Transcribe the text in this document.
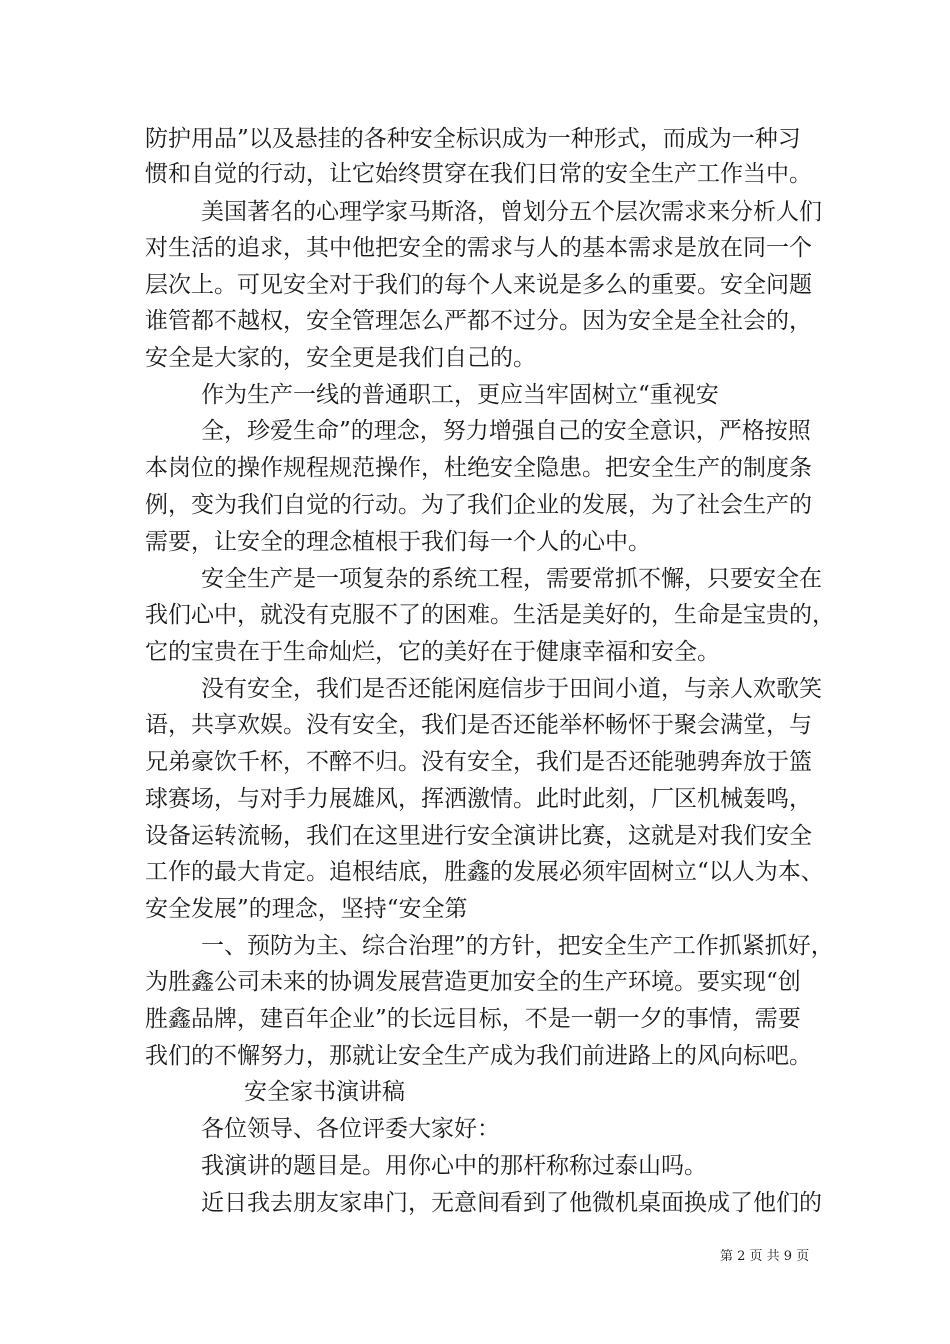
防护用品”以及悬挂的各种安全标识成为一种形式，而成为一种习
惯和自觉的行动，让它始终贯穿在我们日常的安全生产工作当中。
美国著名的心理学家马斯洛，曾划分五个层次需求来分析人们
对生活的追求，其中他把安全的需求与人的基本需求是放在同一个
层次上。可见安全对于我们的每个人来说是多么的重要。安全问题
谁管都不越权，安全管理怎么严都不过分。因为安全是全社会的，
安全是大家的，安全更是我们自己的。
作为生产一线的普通职工，更应当牢固树立“重视安
全，珍爱生命”的理念，努力增强自己的安全意识，严格按照
本岗位的操作规程规范操作，杜绝安全隐患。把安全生产的制度条
例，变为我们自觉的行动。为了我们企业的发展，为了社会生产的
需要，让安全的理念植根于我们每一个人的心中。
安全生产是一项复杂的系统工程，需要常抓不懈，只要安全在
我们心中，就没有克服不了的困难。生活是美好的，生命是宝贵的，
它的宝贵在于生命灿烂，它的美好在于健康幸福和安全。
没有安全，我们是否还能闲庭信步于田间小道，与亲人欢歌笑
语，共享欢娱。没有安全，我们是否还能举杯畅怀于聚会满堂，与
兄弟豪饮千杯，不醉不归。没有安全，我们是否还能驰骋奔放于篮
球赛场，与对手力展雄风，挥洒激情。此时此刻，厂区机械轰鸣，
设备运转流畅，我们在这里进行安全演讲比赛，这就是对我们安全
工作的最大肯定。追根结底，胜鑫的发展必须牢固树立“以人为本、
安全发展”的理念，坚持“安全第
一、预防为主、综合治理”的方针，把安全生产工作抓紧抓好，
为胜鑫公司未来的协调发展营造更加安全的生产环境。要实现“创
胜鑫品牌，建百年企业”的长远目标，不是一朝一夕的事情，需要
我们的不懈努力，那就让安全生产成为我们前进路上的风向标吧。
安全家书演讲稿
各位领导、各位评委大家好：
我演讲的题目是。用你心中的那杆称称过泰山吗。
近日我去朋友家串门，无意间看到了他微机桌面换成了他们的
第 2 页 共 9 页
